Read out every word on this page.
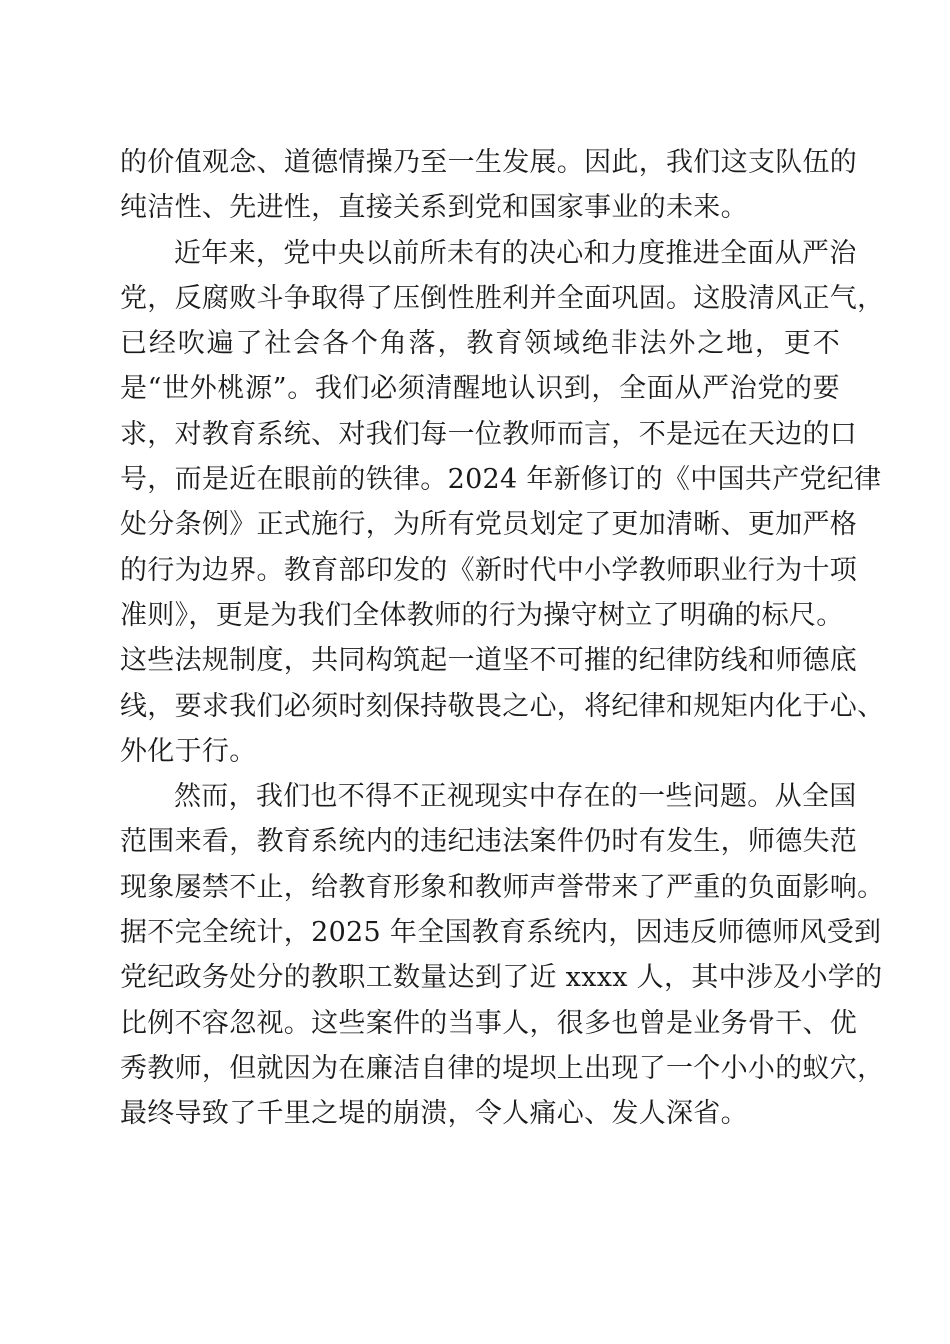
的价值观念、道德情操乃至一生发展。因此，我们这支队伍的
纯洁性、先进性，直接关系到党和国家事业的未来。
近年来，党中央以前所未有的决心和力度推进全面从严治
党，反腐败斗争取得了压倒性胜利并全面巩固。这股清风正气，
已经吹遍了社会各个角落，教育领域绝非法外之地，更不
是“世外桃源”。我们必须清醒地认识到，全面从严治党的要
求，对教育系统、对我们每一位教师而言，不是远在天边的口
号，而是近在眼前的铁律。2024 年新修订的《中国共产党纪律
处分条例》正式施行，为所有党员划定了更加清晰、更加严格
的行为边界。教育部印发的《新时代中小学教师职业行为十项
准则》，更是为我们全体教师的行为操守树立了明确的标尺。
这些法规制度，共同构筑起一道坚不可摧的纪律防线和师德底
线，要求我们必须时刻保持敬畏之心，将纪律和规矩内化于心、
外化于行。
然而，我们也不得不正视现实中存在的一些问题。从全国
范围来看，教育系统内的违纪违法案件仍时有发生，师德失范
现象屡禁不止，给教育形象和教师声誉带来了严重的负面影响。
据不完全统计，2025 年全国教育系统内，因违反师德师风受到
党纪政务处分的教职工数量达到了近 xxxx 人，其中涉及小学的
比例不容忽视。这些案件的当事人，很多也曾是业务骨干、优
秀教师，但就因为在廉洁自律的堤坝上出现了一个小小的蚁穴，
最终导致了千里之堤的崩溃，令人痛心、发人深省。
